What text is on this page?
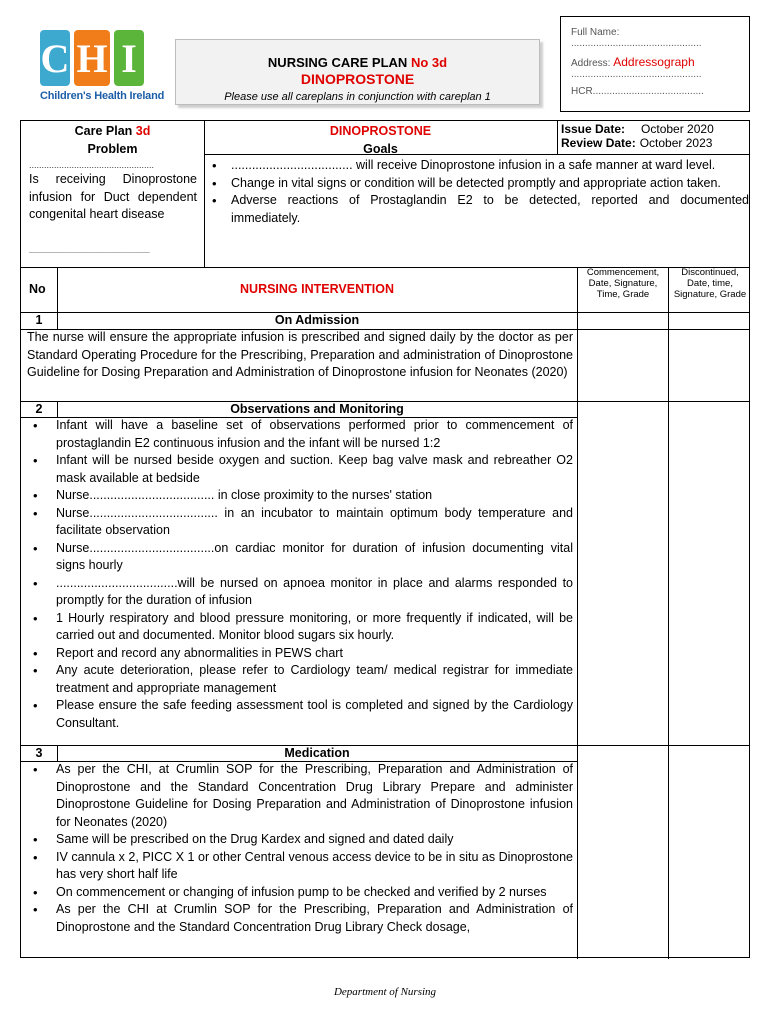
C H I
Children's Health Ireland
NURSING CARE PLAN No 3d
DINOPROSTONE
Please use all careplans in conjunction with careplan 1
Full Name:
...............................................
Address: Addressograph
...............................................
HCR........................................
Care Plan 3d
Problem
..................................................
Is receiving Dinoprostone infusion for Duct dependent congenital heart disease
_______________________________
DINOPROSTONE
Goals
Issue Date: October 2020
Review Date: October 2023
• ................................... will receive Dinoprostone infusion in a safe manner at ward level.
• Change in vital signs or condition will be detected promptly and appropriate action taken.
• Adverse reactions of Prostaglandin E2 to be detected, reported and documented immediately.
No	NURSING INTERVENTION
Commencement, Date, Signature, Time, Grade
Discontinued, Date, time, Signature, Grade
1	On Admission
The nurse will ensure the appropriate infusion is prescribed and signed daily by the doctor as per Standard Operating Procedure for the Prescribing, Preparation and administration of Dinoprostone Guideline for Dosing Preparation and Administration of Dinoprostone infusion for Neonates (2020)
2	Observations and Monitoring
• Infant will have a baseline set of observations performed prior to commencement of prostaglandin E2 continuous infusion and the infant will be nursed 1:2
• Infant will be nursed beside oxygen and suction. Keep bag valve mask and rebreather O2 mask available at bedside
• Nurse.................................... in close proximity to the nurses' station
• Nurse..................................... in an incubator to maintain optimum body temperature and facilitate observation
• Nurse....................................on cardiac monitor for duration of infusion documenting vital signs hourly
• ...................................will be nursed on apnoea monitor in place and alarms responded to promptly for the duration of infusion
• 1 Hourly respiratory and blood pressure monitoring, or more frequently if indicated, will be carried out and documented. Monitor blood sugars six hourly.
• Report and record any abnormalities in PEWS chart
• Any acute deterioration, please refer to Cardiology team/ medical registrar for immediate treatment and appropriate management
• Please ensure the safe feeding assessment tool is completed and signed by the Cardiology Consultant.
3	Medication
• As per the CHI, at Crumlin SOP for the Prescribing, Preparation and Administration of Dinoprostone and the Standard Concentration Drug Library Prepare and administer Dinoprostone Guideline for Dosing Preparation and Administration of Dinoprostone infusion for Neonates (2020)
• Same will be prescribed on the Drug Kardex and signed and dated daily
• IV cannula x 2, PICC X 1 or other Central venous access device to be in situ as Dinoprostone has very short half life
• On commencement or changing of infusion pump to be checked and verified by 2 nurses
• As per the CHI at Crumlin SOP for the Prescribing, Preparation and Administration of Dinoprostone and the Standard Concentration Drug Library Check dosage,
Department of Nursing
